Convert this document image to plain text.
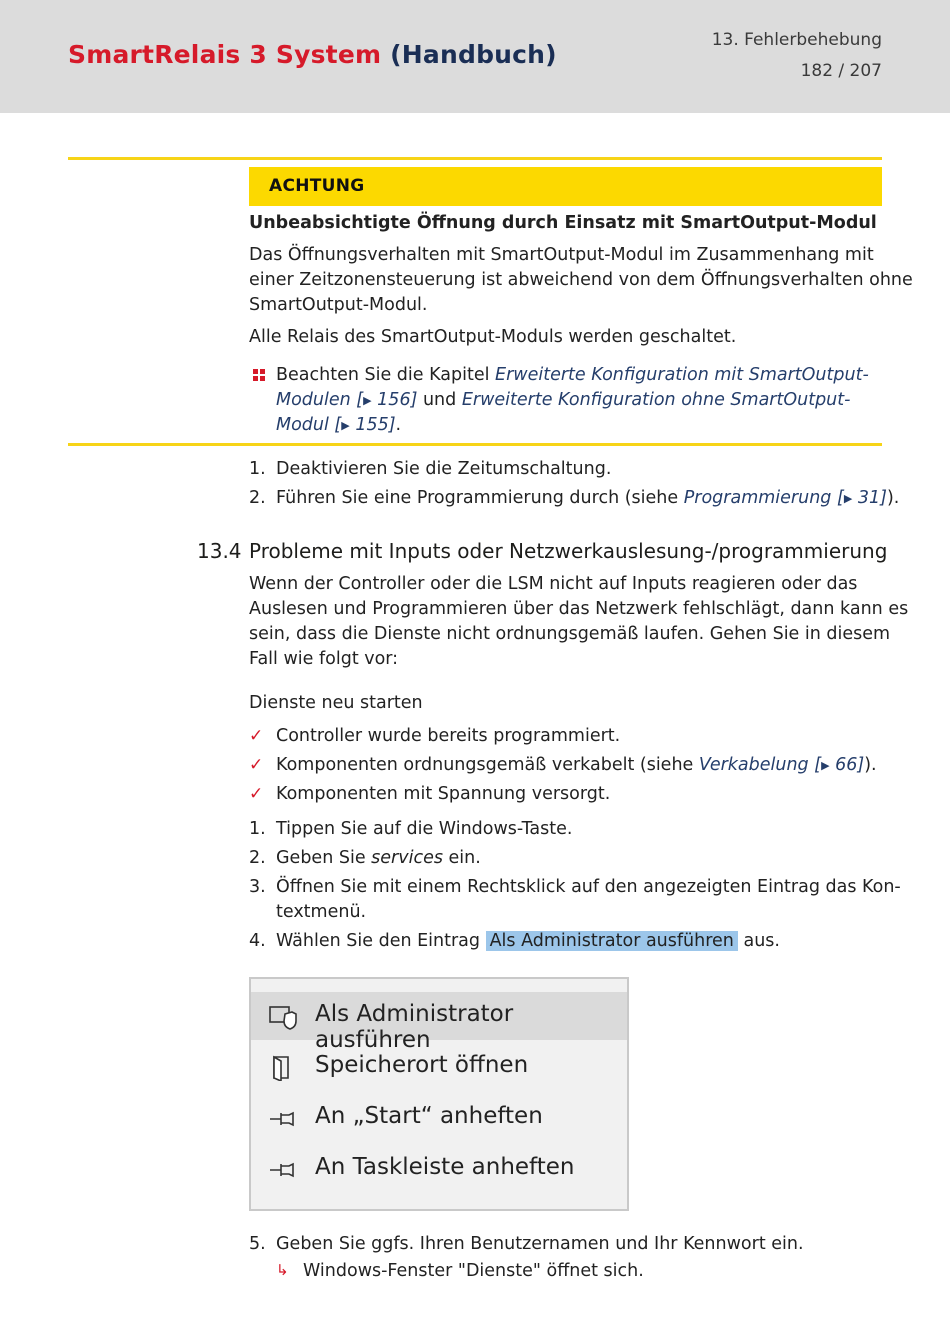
SmartRelais 3 System (Handbuch)	13. Fehlerbehebung
182 / 207
ACHTUNG
Unbeabsichtigte Öffnung durch Einsatz mit SmartOutput-Modul
Das Öffnungsverhalten mit SmartOutput-Modul im Zusammenhang mit
einer Zeitzonensteuerung ist abweichend von dem Öffnungsverhalten ohne
SmartOutput-Modul.
Alle Relais des SmartOutput-Moduls werden geschaltet.
Beachten Sie die Kapitel Erweiterte Konfiguration mit SmartOutput-
Modulen [▶ 156] und Erweiterte Konfiguration ohne SmartOutput-
Modul [▶ 155].
1. Deaktivieren Sie die Zeitumschaltung.
2. Führen Sie eine Programmierung durch (siehe Programmierung [▶ 31]).
13.4 Probleme mit Inputs oder Netzwerkauslesung-/programmierung
Wenn der Controller oder die LSM nicht auf Inputs reagieren oder das
Auslesen und Programmieren über das Netzwerk fehlschlägt, dann kann es
sein, dass die Dienste nicht ordnungsgemäß laufen. Gehen Sie in diesem
Fall wie folgt vor:
Dienste neu starten
✓ Controller wurde bereits programmiert.
✓ Komponenten ordnungsgemäß verkabelt (siehe Verkabelung [▶ 66]).
✓ Komponenten mit Spannung versorgt.
1. Tippen Sie auf die Windows-Taste.
2. Geben Sie services ein.
3. Öffnen Sie mit einem Rechtsklick auf den angezeigten Eintrag das Kon-
textmenü.
4. Wählen Sie den Eintrag Als Administrator ausführen aus.
Als Administrator ausführen
Speicherort öffnen
An „Start“ anheften
An Taskleiste anheften
5. Geben Sie ggfs. Ihren Benutzernamen und Ihr Kennwort ein.
↳ Windows-Fenster "Dienste" öffnet sich.
